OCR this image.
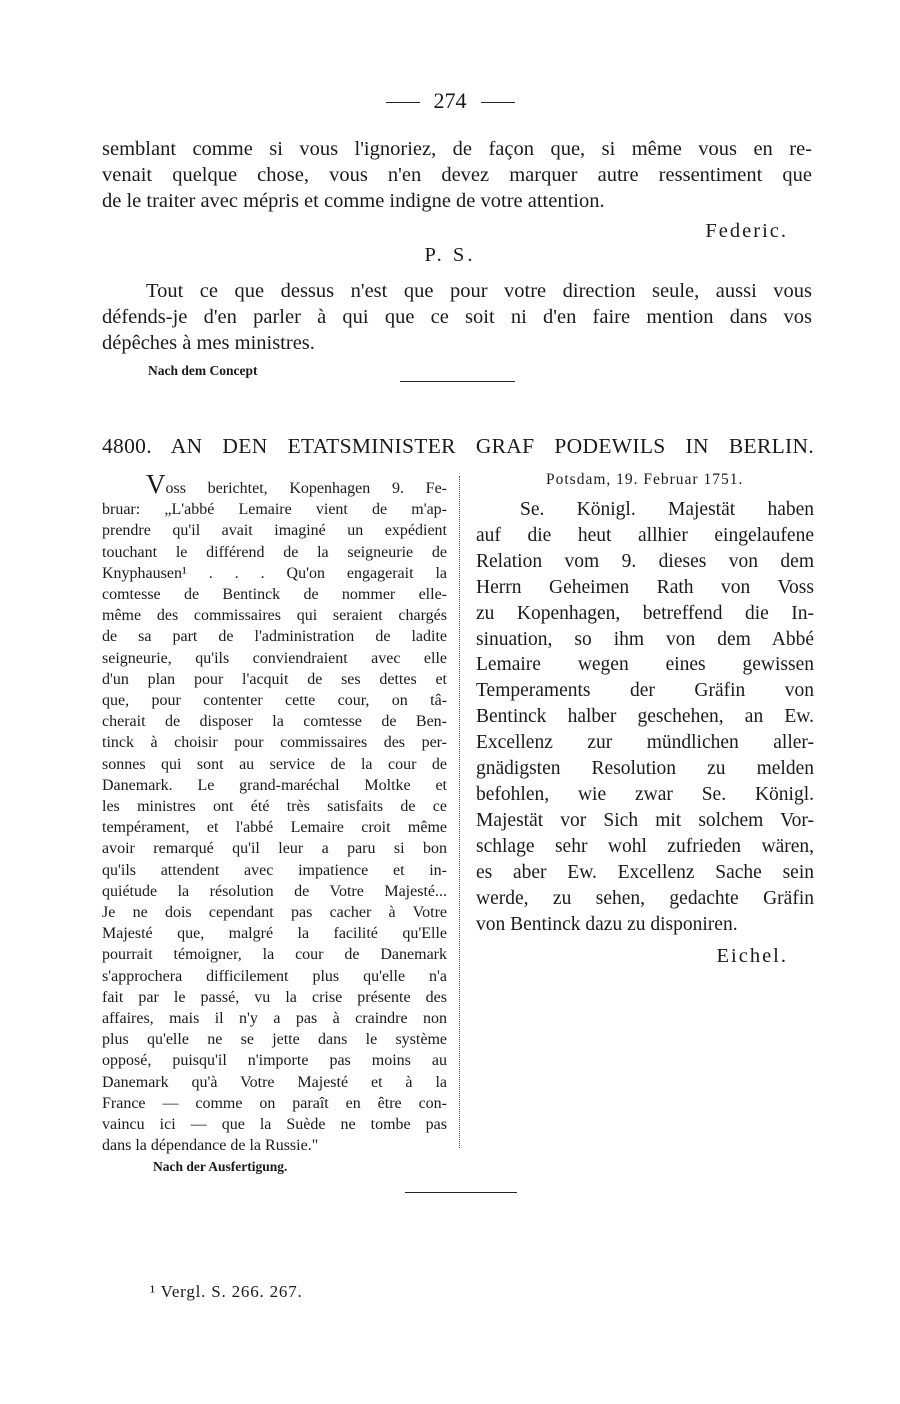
274
semblant comme si vous l'ignoriez, de façon que, si même vous en re-
venait quelque chose, vous n'en devez marquer autre ressentiment que
de le traiter avec mépris et comme indigne de votre attention.
Federic.
P. S.
Tout ce que dessus n'est que pour votre direction seule, aussi vous
défends-je d'en parler à qui que ce soit ni d'en faire mention dans vos
dépêches à mes ministres.
Nach dem Concept
4800. AN DEN ETATSMINISTER GRAF PODEWILS IN BERLIN.
Voss berichtet, Kopenhagen 9. Fe-
bruar: „L'abbé Lemaire vient de m'ap-
prendre qu'il avait imaginé un expédient
touchant le différend de la seigneurie de
Knyphausen¹ . . . Qu'on engagerait la
comtesse de Bentinck de nommer elle-
même des commissaires qui seraient chargés
de sa part de l'administration de ladite
seigneurie, qu'ils conviendraient avec elle
d'un plan pour l'acquit de ses dettes et
que, pour contenter cette cour, on tâ-
cherait de disposer la comtesse de Ben-
tinck à choisir pour commissaires des per-
sonnes qui sont au service de la cour de
Danemark. Le grand-maréchal Moltke et
les ministres ont été très satisfaits de ce
tempérament, et l'abbé Lemaire croit même
avoir remarqué qu'il leur a paru si bon
qu'ils attendent avec impatience et in-
quiétude la résolution de Votre Majesté...
Je ne dois cependant pas cacher à Votre
Majesté que, malgré la facilité qu'Elle
pourrait témoigner, la cour de Danemark
s'approchera difficilement plus qu'elle n'a
fait par le passé, vu la crise présente des
affaires, mais il n'y a pas à craindre non
plus qu'elle ne se jette dans le système
opposé, puisqu'il n'importe pas moins au
Danemark qu'à Votre Majesté et à la
France — comme on paraît en être con-
vaincu ici — que la Suède ne tombe pas
dans la dépendance de la Russie."
Potsdam, 19. Februar 1751.
Se. Königl. Majestät haben
auf die heut allhier eingelaufene
Relation vom 9. dieses von dem
Herrn Geheimen Rath von Voss
zu Kopenhagen, betreffend die In-
sinuation, so ihm von dem Abbé
Lemaire wegen eines gewissen
Temperaments der Gräfin von
Bentinck halber geschehen, an Ew.
Excellenz zur mündlichen aller-
gnädigsten Resolution zu melden
befohlen, wie zwar Se. Königl.
Majestät vor Sich mit solchem Vor-
schlage sehr wohl zufrieden wären,
es aber Ew. Excellenz Sache sein
werde, zu sehen, gedachte Gräfin
von Bentinck dazu zu disponiren.
Eichel.
Nach der Ausfertigung.
¹ Vergl. S. 266. 267.
